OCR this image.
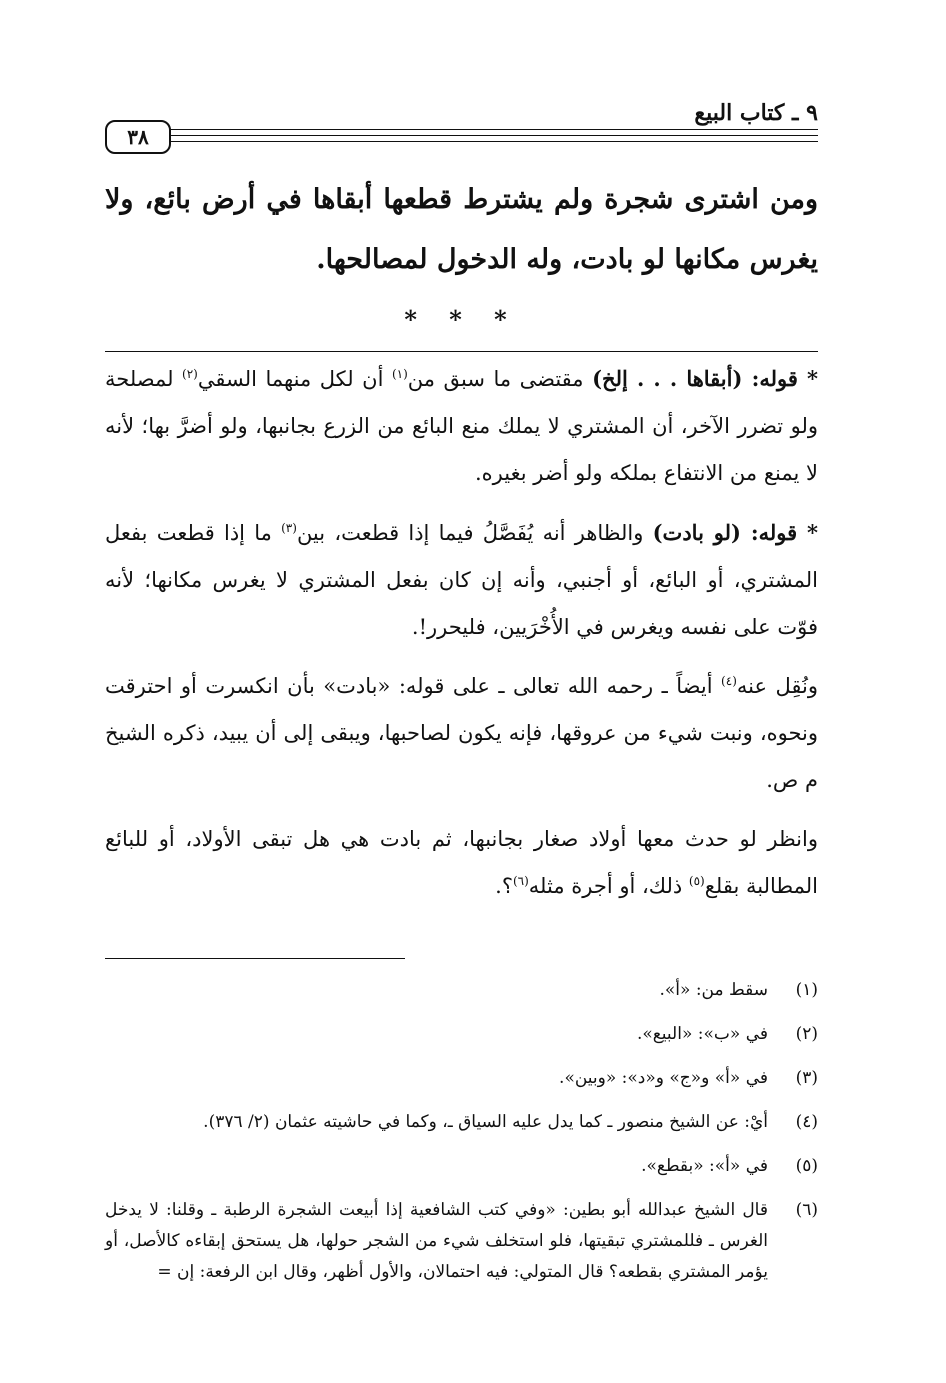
٩ ـ كتاب البيع
٣٨
ومن اشترى شجرة ولم يشترط قطعها أبقاها في أرض بائع، ولا يغرس مكانها لو بادت، وله الدخول لمصالحها.
* * *

* قوله: (أبقاها . . . إلخ) مقتضى ما سبق من$^{(١)}$ أن لكل منهما السقي$^{(٢)}$ لمصلحة ولو تضرر الآخر، أن المشتري لا يملك منع البائع من الزرع بجانبها، ولو أضرَّ بها؛ لأنه لا يمنع من الانتفاع بملكه ولو أضر بغيره.

* قوله: (لو بادت) والظاهر أنه يُفَصَّلُ فيما إذا قطعت، بين$^{(٣)}$ ما إذا قطعت بفعل المشتري، أو البائع، أو أجنبي، وأنه إن كان بفعل المشتري لا يغرس مكانها؛ لأنه فوّت على نفسه ويغرس في الأُخْرَيين، فليحرر!.

ونُقِل عنه$^{(٤)}$ أيضاً ـ رحمه الله تعالى ـ على قوله: «بادت» بأن انكسرت أو احترقت ونحوه، ونبت شيء من عروقها، فإنه يكون لصاحبها، ويبقى إلى أن يبيد، ذكره الشيخ م ص.

وانظر لو حدث معها أولاد صغار بجانبها، ثم بادت هي هل تبقى الأولاد، أو للبائع المطالبة بقلع$^{(٥)}$ ذلك، أو أجرة مثله$^{(٦)}$؟.

(١)
سقط من: «أ».
(٢)
في «ب»: «البيع».
(٣)
في «أ» و«ج» و«د»: «وبين».
(٤)
أيْ: عن الشيخ منصور ـ كما يدل عليه السياق ـ، وكما في حاشيته عثمان (٢/ ٣٧٦).
(٥)
في «أ»: «بقطع».
(٦)
قال الشيخ عبدالله أبو بطين: «وفي كتب الشافعية إذا أبيعت الشجرة الرطبة ـ وقلنا: لا يدخل الغرس ـ فللمشتري تبقيتها، فلو استخلف شيء من الشجر حولها، هل يستحق إبقاءه كالأصل، أو يؤمر المشتري بقطعه؟ قال المتولي: فيه احتمالان، والأول أظهر، وقال ابن الرفعة: إن =
